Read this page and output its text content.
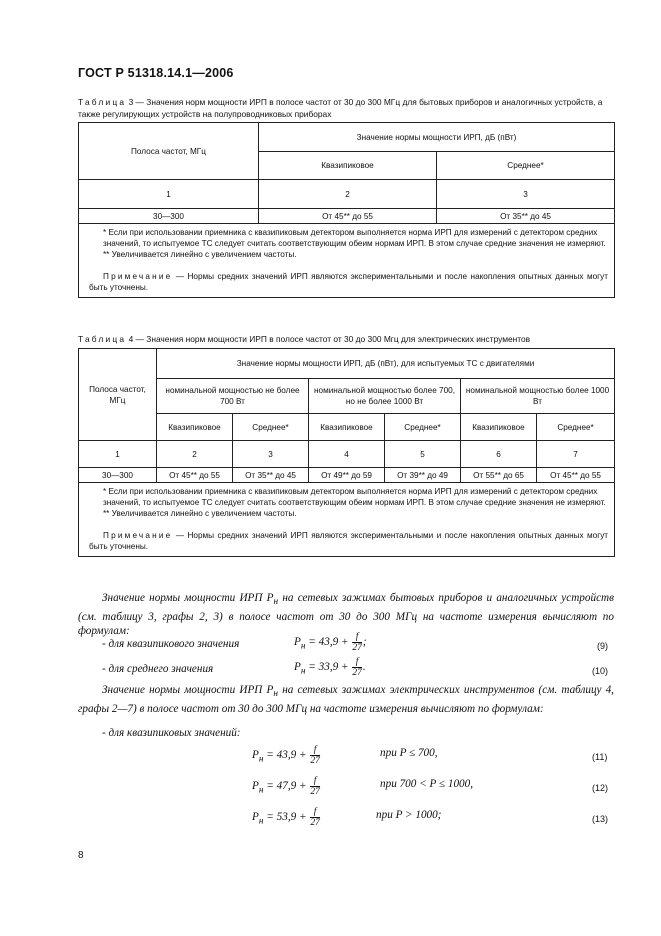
ГОСТ Р 51318.14.1—2006
Таблица 3 — Значения норм мощности ИРП в полосе частот от 30 до 300 МГц для бытовых приборов и аналогичных устройств, а также регулирующих устройств на полупроводниковых приборах
Полоса частот, МГц	Значение нормы мощности ИРП, дБ (пВт)	
	Квазипиковое	Среднее*
1	2	3
30—300	От 45** до 55	От 35** до 45

* Если при использовании приемника с квазипиковым детектором выполняется норма ИРП для измерений с детектором средних значений, то испытуемое ТС следует считать соответствующим обеим нормам ИРП. В этом случае средние значения не измеряют.

** Увеличивается линейно с увеличением частоты.

Примечание — Нормы средних значений ИРП являются экспериментальными и после накопления опытных данных могут быть уточнены.		

Таблица 4 — Значения норм мощности ИРП в полосе частот от 30 до 300 Мгц для электрических инструментов
Полоса частот, МГц	Значение нормы мощности ИРП, дБ (пВт), для испытуемых ТС с двигателями					
	номинальной мощностью не более 700 Вт		номинальной мощностью более 700, но не более 1000 Вт		номинальной мощностью более 1000 Вт	
	Квазипиковое	Среднее*	Квазипиковое	Среднее*	Квазипиковое	Среднее*
1	2	3	4	5	6	7
30—300	От 45** до 55	От 35** до 45	От 49** до 59	От 39** до 49	От 55** до 65	От 45** до 55

* Если при использовании приемника с квазипиковым детектором выполняется норма ИРП для измерений с детектором средних значений, то испытуемое ТС следует считать соответствующим обеим нормам ИРП. В этом случае средние значения не измеряют.

** Увеличивается линейно с увеличением частоты.

Примечание — Нормы средних значений ИРП являются экспериментальными и после накопления опытных данных могут быть уточнены.						

Значение нормы мощности ИРП $P_н$ на сетевых зажимах бытовых приборов и аналогичных устройств (см. таблицу 3, графы 2, 3) в полосе частот от 30 до 300 МГц на частоте измерения вычисляют по формулам:
- для квазипикового значения	$P_н = 43,9 + \frac{f}{27}$ ;	(9)
- для среднего значения	$P_н = 33,9 + \frac{f}{27}$ .	(10)
Значение нормы мощности ИРП $P_н$ на сетевых зажимах электрических инструментов (см. таблицу 4, графы 2—7) в полосе частот от 30 до 300 МГц на частоте измерения вычисляют по формулам:
- для квазипиковых значений:
$P_н = 43,9 + \frac{f}{27}$	при P ≤ 700,	(11)
$P_н = 47,9 + \frac{f}{27}$	при 700 < P ≤ 1000,	(12)
$P_н = 53,9 + \frac{f}{27}$	при P > 1000;	(13)
8
